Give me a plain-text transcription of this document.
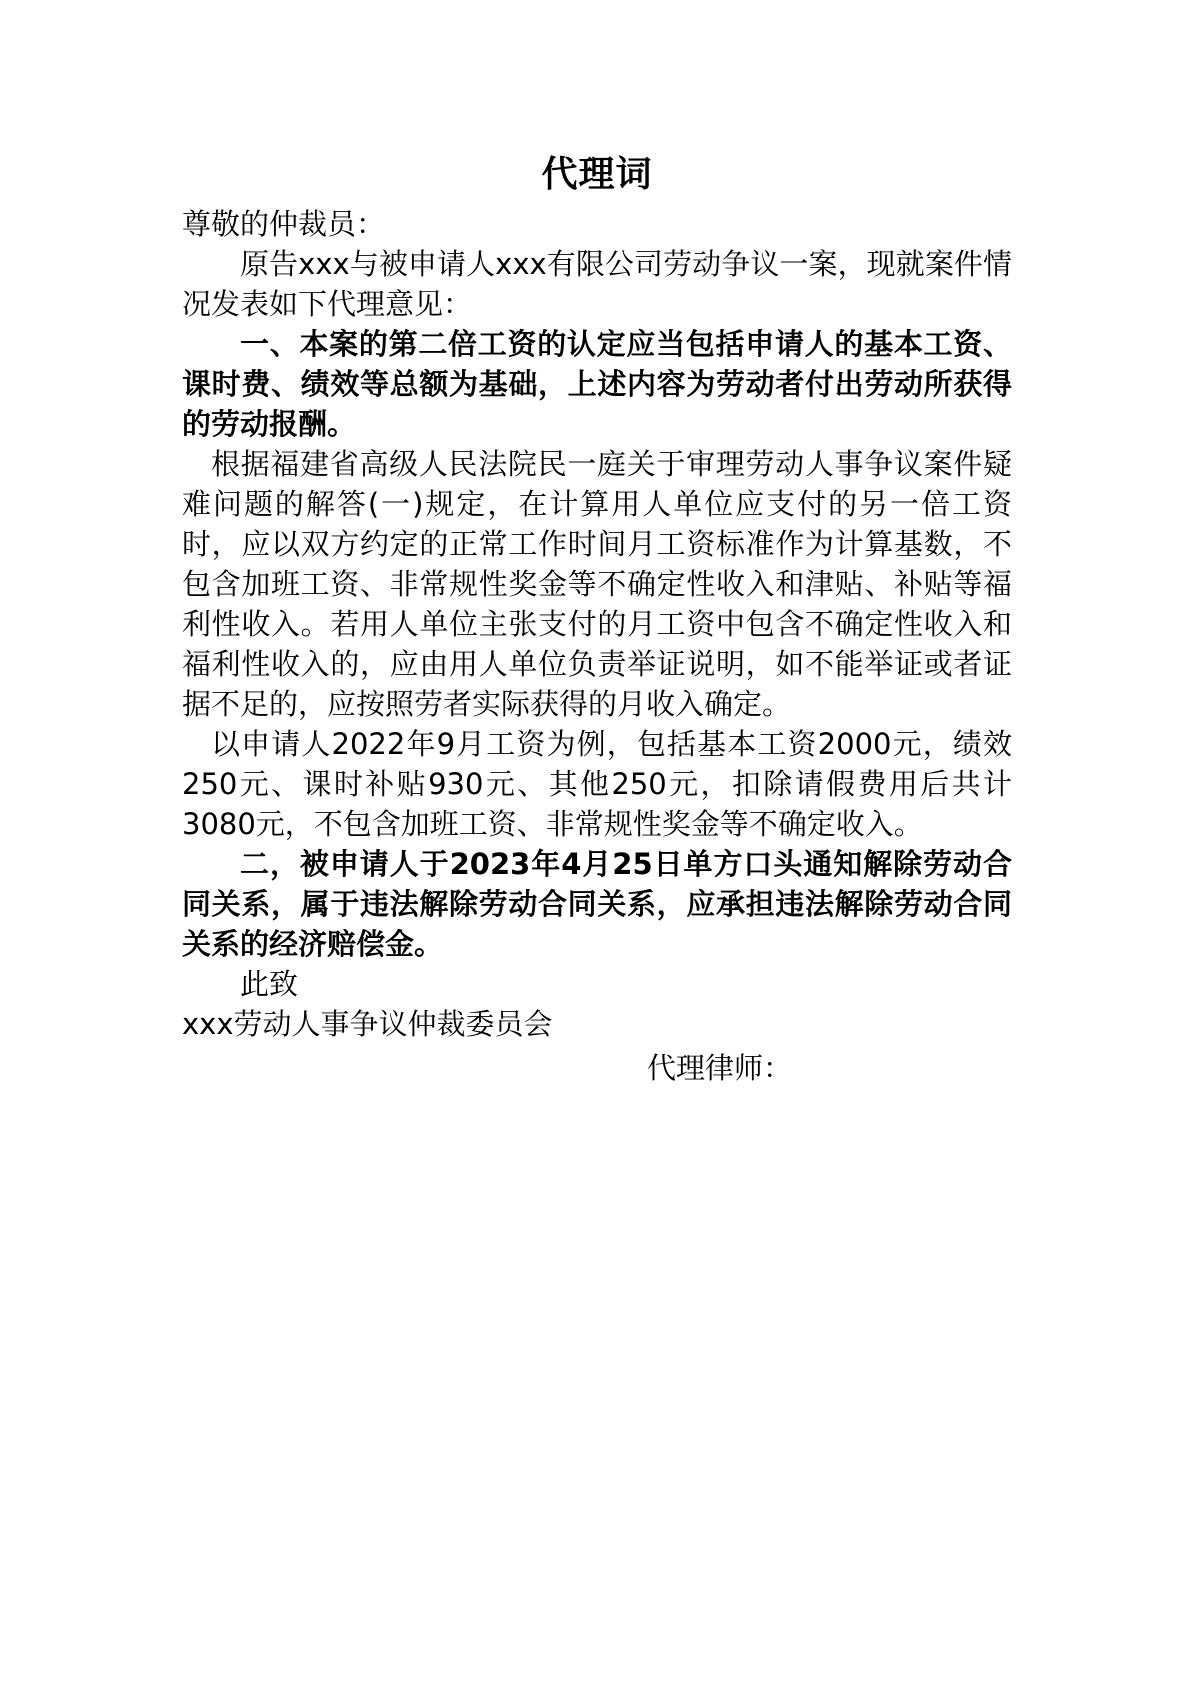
代理词

尊敬的仲裁员：

原告xxx与被申请人xxx有限公司劳动争议一案，现就案件情况发表如下代理意见：

一、本案的第二倍工资的认定应当包括申请人的基本工资、课时费、绩效等总额为基础，上述内容为劳动者付出劳动所获得的劳动报酬。

根据福建省高级人民法院民一庭关于审理劳动人事争议案件疑难问题的解答(一)规定，在计算用人单位应支付的另一倍工资时，应以双方约定的正常工作时间月工资标准作为计算基数，不包含加班工资、非常规性奖金等不确定性收入和津贴、补贴等福利性收入。若用人单位主张支付的月工资中包含不确定性收入和福利性收入的，应由用人单位负责举证说明，如不能举证或者证据不足的，应按照劳者实际获得的月收入确定。

以申请人2022年9月工资为例，包括基本工资2000元，绩效250元、课时补贴930元、其他250元，扣除请假费用后共计3080元，不包含加班工资、非常规性奖金等不确定收入。

二，被申请人于2023年4月25日单方口头通知解除劳动合同关系，属于违法解除劳动合同关系，应承担违法解除劳动合同关系的经济赔偿金。

此致

xxx劳动人事争议仲裁委员会

代理律师：
